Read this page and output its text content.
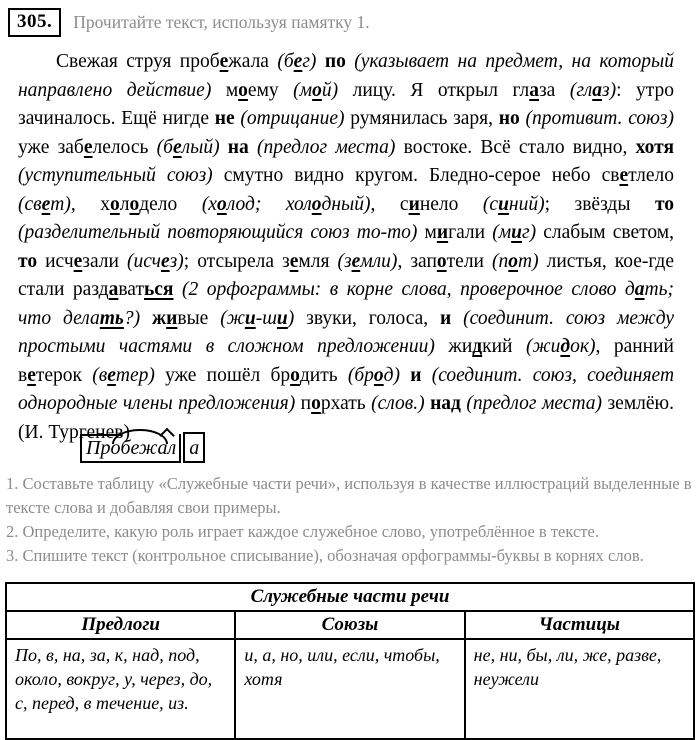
305.	Прочитайте текст, используя памятку 1.
Свежая струя пробежала (бег) по (указывает на предмет, на который направлено действие) моему (мой) лицу. Я открыл глаза (глаз): утро зачиналось. Ещё нигде не (отрицание) румянилась заря, но (противит. союз) уже забелелось (белый) на (предлог места) востоке. Всё стало видно, хотя (уступительный союз) смутно видно кругом. Бледно-серое небо светлело (свет), холодело (холод; холодный), синело (синий); звёзды то (разделительный повторяющийся союз то-то) мигали (миг) слабым светом, то исчезали (исчез); отсырела земля (земли), запотели (пот) листья, кое-где стали раздаваться (2 орфограммы: в корне слова, проверочное слово дать; что делать?) живые (жи-ши) звуки, голоса, и (соединит. союз между простыми частями в сложном предложении) жидкий (жидок), ранний ветерок (ветер) уже пошёл бродить (брод) и (соединит. союз, соединяет однородные члены предложения) порхать (слов.) над (предлог места) землёю. (И. Тургенев)
Пробежал а

1. Составьте таблицу «Служебные части речи», используя в качестве иллюстраций выделенные в тексте слова и добавляя свои примеры.

2. Определите, какую роль играет каждое служебное слово, употреблённое в тексте.

3. Спишите текст (контрольное списывание), обозначая орфограммы-буквы в корнях слов.

Служебные части речи		
Предлоги	Союзы	Частицы
По, в, на, за, к, над, под, около, вокруг, у, через, до, с, перед, в течение, из.	и, а, но, или, если, чтобы, хотя	не, ни, бы, ли, же, разве, неужели
